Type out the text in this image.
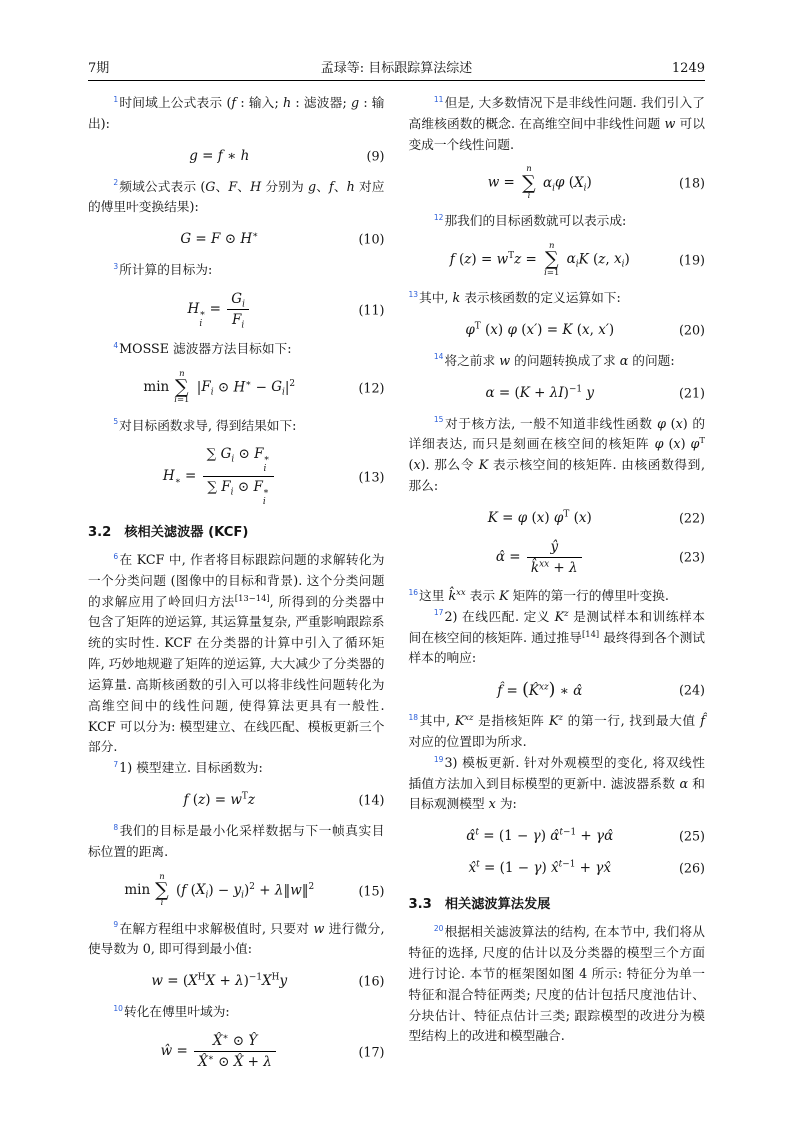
7期	孟琭等: 目标跟踪算法综述	1249

$^1$时间域上公式表示 (f : 输入; h : 滤波器; g : 输出):

g = f ∗ h	(9)

$^2$频域公式表示 (G、F、H 分别为 g、f、h 对应的傅里叶变换结果):

G = F ⊙ H∗	(10)

$^3$所计算的目标为:

H ∗
i
= $\frac{G_i}{F_i}$	(11)

$^4$MOSSE 滤波器方法目标如下:

min
n
∑
i=1
$|F_i$ ⊙ $H^∗ - G_i|^2$	(12)

$^5$对目标函数求导, 得到结果如下:

$H_∗$ = ∑ $G_i$ ⊙ F ∗
i
∑ $F_i$ ⊙ F ∗
i	(13)
3.2 核相关滤波器 (KCF)

$^6$在 KCF 中, 作者将目标跟踪问题的求解转化为一个分类问题 (图像中的目标和背景). 这个分类问题的求解应用了岭回归方法[13−14], 所得到的分类器中包含了矩阵的逆运算, 其运算量复杂, 严重影响跟踪系统的实时性. KCF 在分类器的计算中引入了循环矩阵, 巧妙地规避了矩阵的逆运算, 大大减少了分类器的运算量. 高斯核函数的引入可以将非线性问题转化为高维空间中的线性问题, 使得算法更具有一般性. KCF 可以分为: 模型建立、在线匹配、模板更新三个部分.

$^7$1) 模型建立. 目标函数为:

f $(z) = w^Tz$	(14)

$^8$我们的目标是最小化采样数据与下一帧真实目标位置的距离.

min
n
∑
i
(f $(X_i) - y_i)^2$ + λ‖w‖$^2$	(15)

$^9$在解方程组中求解极值时, 只要对 w 进行微分, 使导数为 0, 即可得到最小值:

$w = (X^HX + \lambda)^{-1}X^Hy$	(16)

$^{10}$转化在傅里叶域为:

ŵ = $\frac{X̂^∗ ⊙ Ŷ}{X̂^∗ ⊙ X̂ + \lambda}$	(17)

$^{11}$但是, 大多数情况下是非线性问题. 我们引入了高维核函数的概念. 在高维空间中非线性问题 w 可以变成一个线性问题.

w =
n
∑
i
$\alpha_i\varphi$ $(X_i)$	(18)

$^{12}$那我们的目标函数就可以表示成:

f $(z) = w^Tz$ =
n
∑
i=1
$\alpha_iK$ (z, $x_i$)	(19)

$^{13}$其中, k 表示核函数的定义运算如下:

$\varphi^T$ (x) φ (x′) = K (x, x′)	(20)

$^{14}$将之前求 w 的问题转换成了求 α 的问题:

$\alpha = (K + \lambda I)^{-1}$ y	(21)

$^{15}$对于核方法, 一般不知道非线性函数 φ (x) 的详细表达, 而只是刻画在核空间的核矩阵 φ (x) $\varphi^T$ (x). 那么令 K 表示核空间的核矩阵. 由核函数得到, 那么:

K = φ (x) $\varphi^T$ (x)	(22)
α̂ = $\frac{ŷ}{k̂^{xx} + \lambda}$	(23)

$^{16}$这里 k̂$^{xx}$ 表示 K 矩阵的第一行的傅里叶变换.

$^{17}$2) 在线匹配. 定义 $K^z$ 是测试样本和训练样本间在核空间的核矩阵. 通过推导[14] 最终得到各个测试样本的响应:

f̂ = (K̂$^{xz}$) ∗ α̂	(24)

$^{18}$其中, $K^{xz}$ 是指核矩阵 $K^z$ 的第一行, 找到最大值 f̂ 对应的位置即为所求.

$^{19}$3) 模板更新. 针对外观模型的变化, 将双线性插值方法加入到目标模型的更新中. 滤波器系数 α 和目标观测模型 x 为:

α̂$^t$ = (1 − γ) α̂$^{t-1}$ + γα̂	(25)
x̂$^t$ = (1 − γ) x̂$^{t-1}$ + γx̂	(26)
3.3 相关滤波算法发展

$^{20}$根据相关滤波算法的结构, 在本节中, 我们将从特征的选择, 尺度的估计以及分类器的模型三个方面进行讨论. 本节的框架图如图 4 所示: 特征分为单一特征和混合特征两类; 尺度的估计包括尺度池估计、分块估计、特征点估计三类; 跟踪模型的改进分为模型结构上的改进和模型融合.
